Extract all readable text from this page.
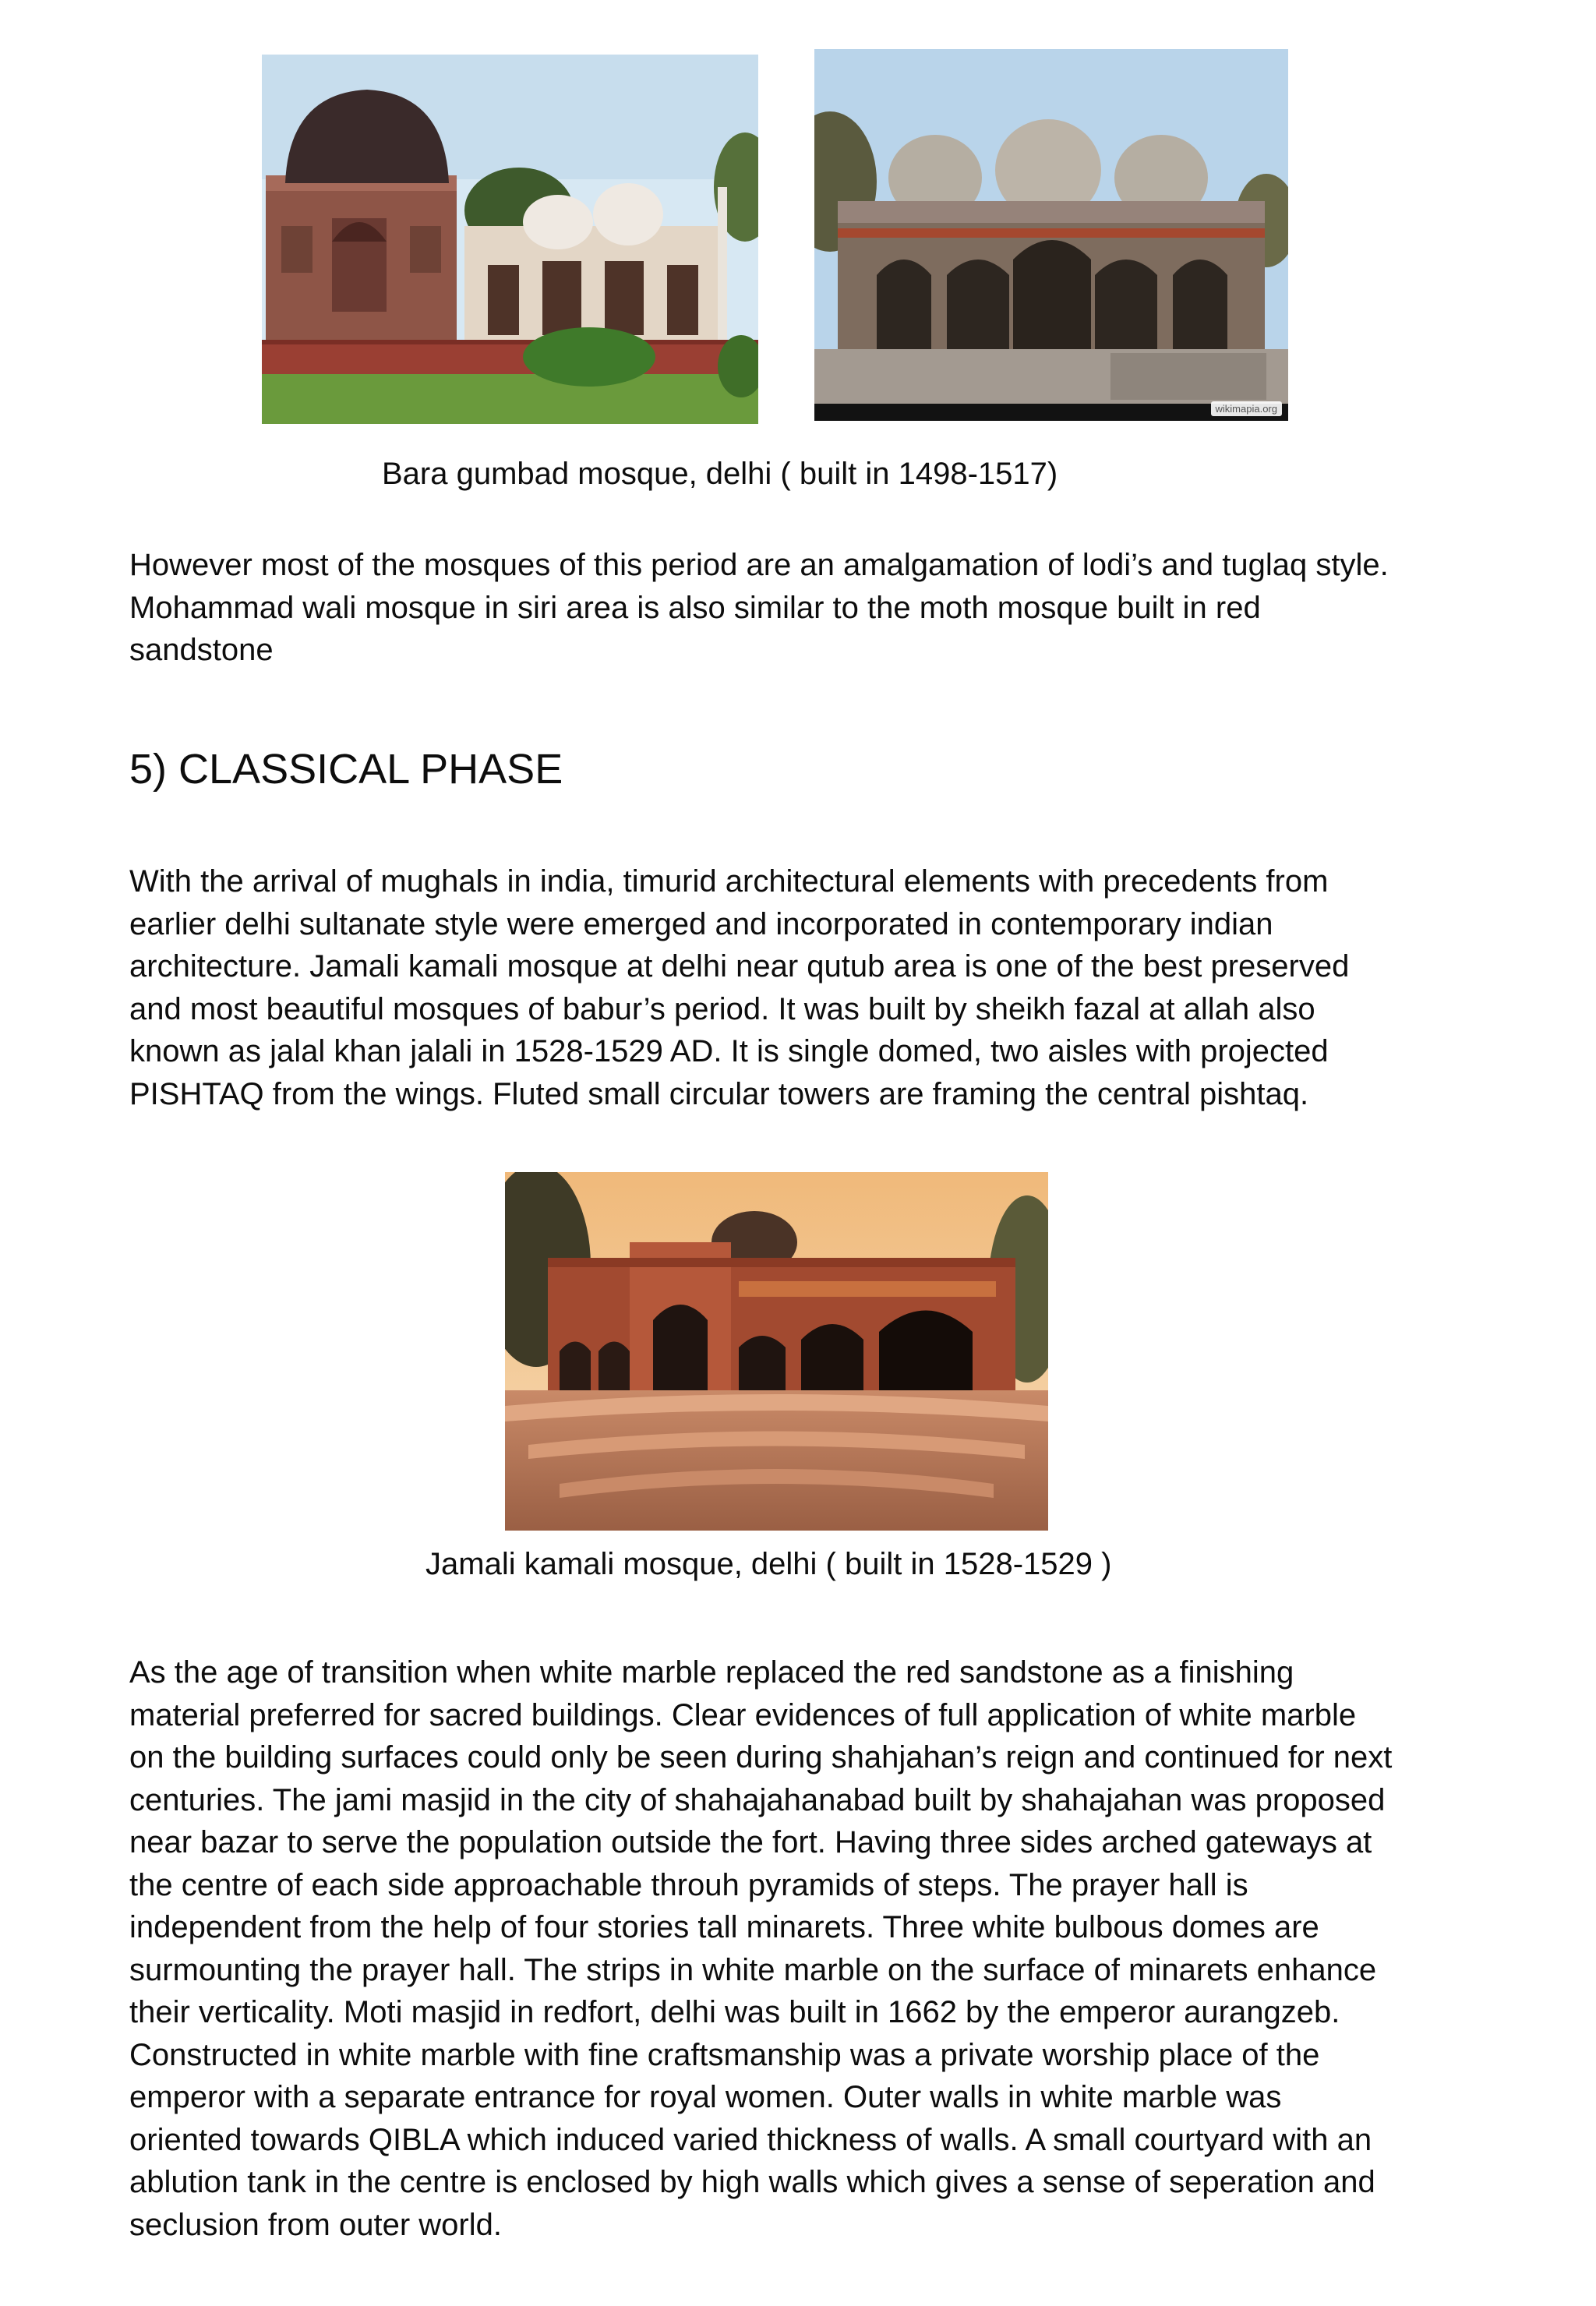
wikimapia.org
Bara gumbad mosque, delhi ( built in 1498-1517)

However most of the mosques of this period are an amalgamation of lodi’s and tuglaq style.
Mohammad wali mosque in siri area is also similar to the moth mosque built in red
sandstone

5) CLASSICAL PHASE

With the arrival of mughals in india, timurid architectural elements with precedents from
earlier delhi sultanate style were emerged and incorporated in contemporary indian
architecture. Jamali kamali mosque at delhi near qutub area is one of the best preserved
and most beautiful mosques of babur’s period. It was built by sheikh fazal at allah also
known as jalal khan jalali in 1528-1529 AD. It is single domed, two aisles with projected
PISHTAQ from the wings. Fluted small circular towers are framing the central pishtaq.

Jamali kamali mosque, delhi ( built in 1528-1529 )

As the age of transition when white marble replaced the red sandstone as a finishing
material preferred for sacred buildings. Clear evidences of full application of white marble
on the building surfaces could only be seen during shahjahan’s reign and continued for next
centuries. The jami masjid in the city of shahajahanabad built by shahajahan was proposed
near bazar to serve the population outside the fort. Having three sides arched gateways at
the centre of each side approachable throuh pyramids of steps. The prayer hall is
independent from the help of four stories tall minarets. Three white bulbous domes are
surmounting the prayer hall. The strips in white marble on the surface of minarets enhance
their verticality. Moti masjid in redfort, delhi was built in 1662 by the emperor aurangzeb.
Constructed in white marble with fine craftsmanship was a private worship place of the
emperor with a separate entrance for royal women. Outer walls in white marble was
oriented towards QIBLA which induced varied thickness of walls. A small courtyard with an
ablution tank in the centre is enclosed by high walls which gives a sense of seperation and
seclusion from outer world.
